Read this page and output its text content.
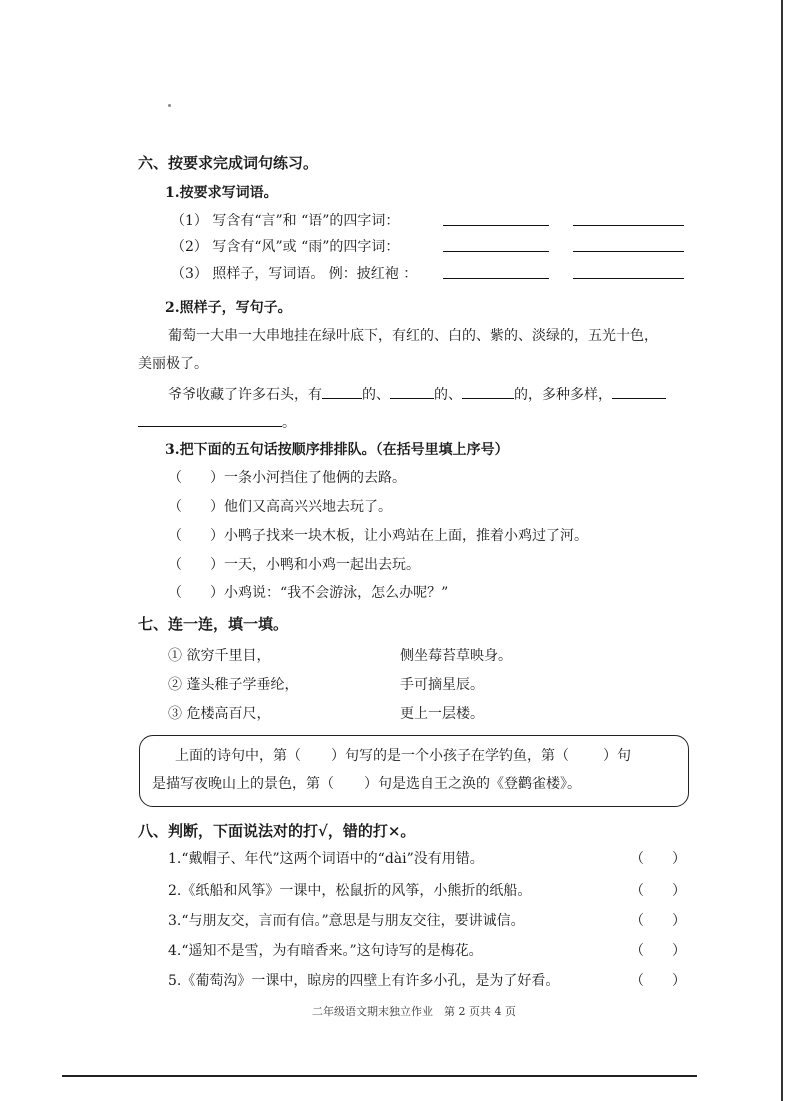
六、按要求完成词句练习。
1.按要求写词语。
（1） 写含有“言”和 “语”的四字词：
（2） 写含有“风”或 “雨”的四字词：
（3） 照样子，写词语。 例：披红袍 ：
2.照样子，写句子。
葡萄一大串一大串地挂在绿叶底下，有红的、白的、紫的、淡绿的，五光十色，
美丽极了。
爷爷收藏了许多石头，有	的、	的、	的，多种多样，
。
3.把下面的五句话按顺序排排队。（在括号里填上序号）
（　　）一条小河挡住了他俩的去路。
（　　）他们又高高兴兴地去玩了。
（　　）小鸭子找来一块木板，让小鸡站在上面，推着小鸡过了河。
（　　）一天，小鸭和小鸡一起出去玩。
（　　）小鸡说：“我不会游泳，怎么办呢？”
七、连一连，填一填。
① 欲穷千里目，	侧坐莓苔草映身。
② 蓬头稚子学垂纶，	手可摘星辰。
③ 危楼高百尺，	更上一层楼。
上面的诗句中，第（ ）句写的是一个小孩子在学钓鱼，第（ ）句
是描写夜晚山上的景色，第（ ）句是选自王之涣的《登鹳雀楼》。
八、判断，下面说法对的打√，错的打×。
1.“戴帽子、年代”这两个词语中的“dài”没有用错。	（　　）
2.《纸船和风筝》一课中，松鼠折的风筝，小熊折的纸船。	（　　）
3.“与朋友交，言而有信。”意思是与朋友交往，要讲诚信。	（　　）
4.“遥知不是雪，为有暗香来。”这句诗写的是梅花。	（　　）
5.《葡萄沟》一课中，晾房的四壁上有许多小孔，是为了好看。	（　　）
二年级语文期末独立作业　第 2 页共 4 页
